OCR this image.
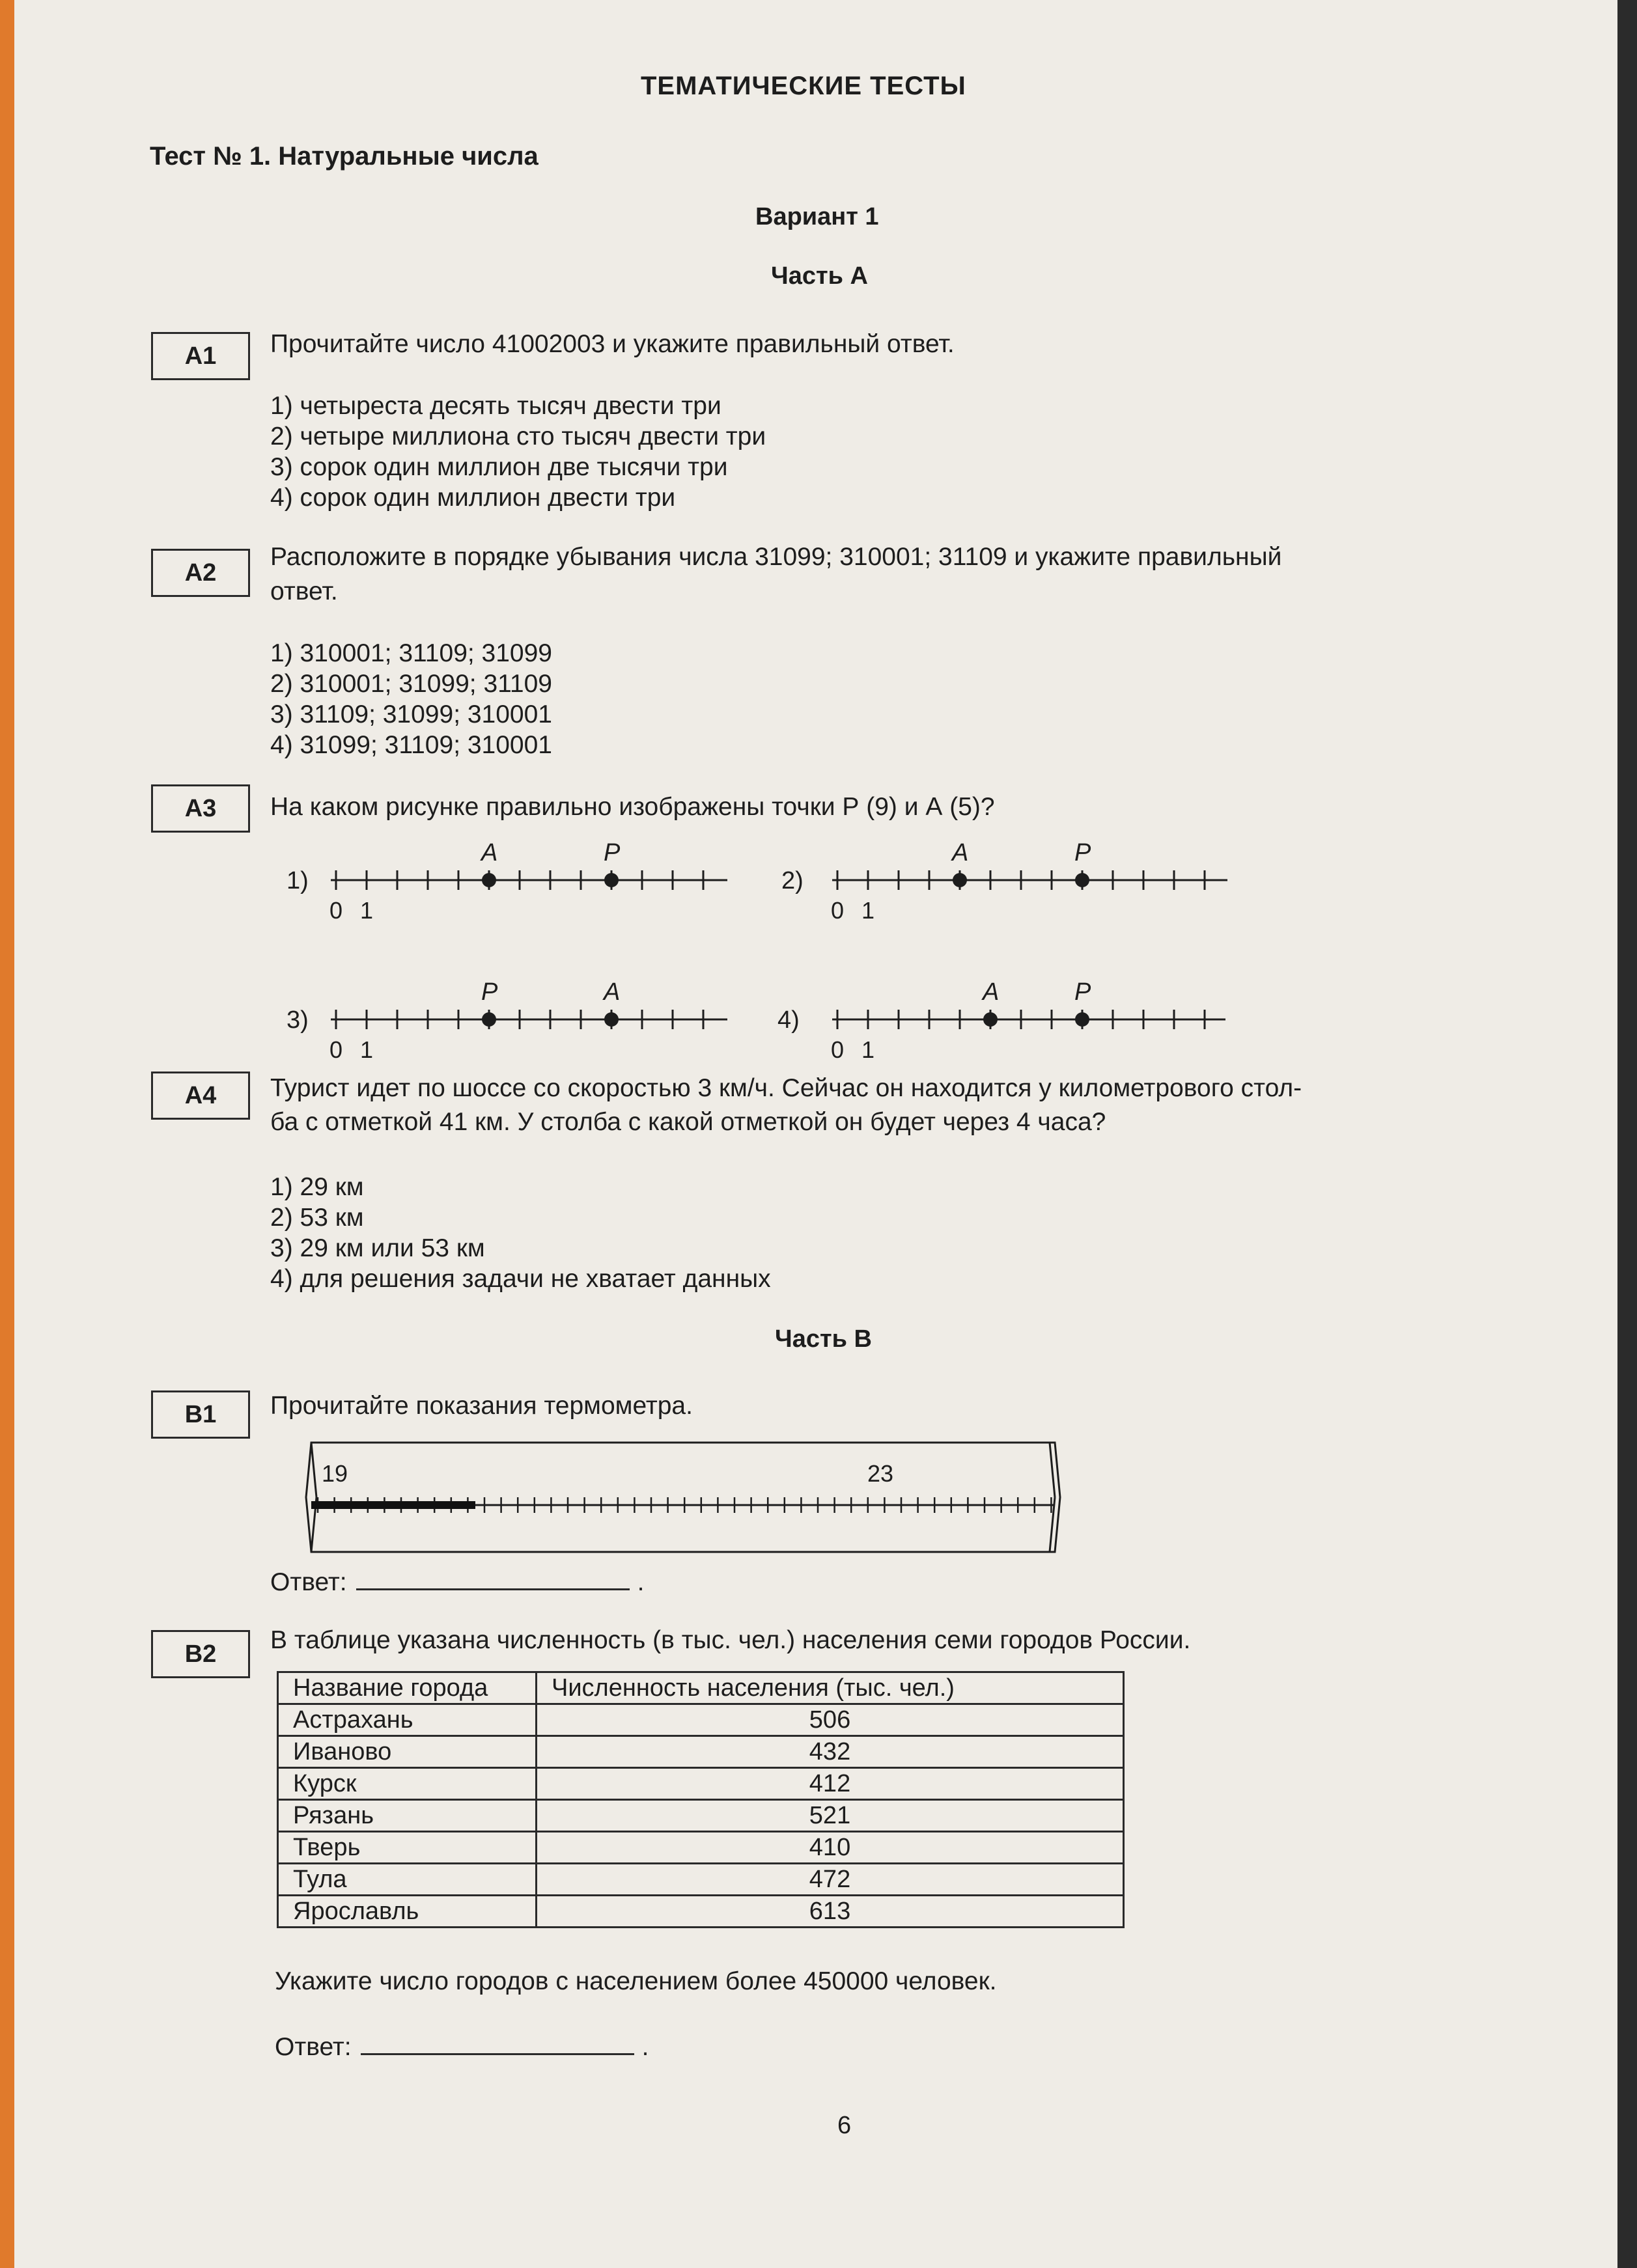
ТЕМАТИЧЕСКИЕ ТЕСТЫ
Тест № 1. Натуральные числа
Вариант 1
Часть А
А1	Прочитайте число 41002003 и укажите правильный ответ.
1) четыреста десять тысяч двести три
2) четыре миллиона сто тысяч двести три
3) сорок один миллион две тысячи три
4) сорок один миллион двести три
А2
Расположите в порядке убывания числа 31099; 310001; 31109 и укажите правильный
ответ.
1) 310001; 31109; 31099
2) 310001; 31099; 31109
3) 31109; 31099; 310001
4) 31099; 31109; 310001
А3	На каком рисунке правильно изображены точки Р (9) и А (5)?
1)
0 1
А	Р
2)
0 1
А	Р
3)
0 1
Р	А
4)
0 1
А	Р
А4	Турист идет по шоссе со скоростью 3 км/ч. Сейчас он находится у километрового стол-
ба с отметкой 41 км. У столба с какой отметкой он будет через 4 часа?
1) 29 км
2) 53 км
3) 29 км или 53 км
4) для решения задачи не хватает данных
Часть В
В1	Прочитайте показания термометра.
19	23
Ответ:	.
В2	В таблице указана численность (в тыс. чел.) населения семи городов России.
Название города	Численность населения (тыс. чел.)
Астрахань	506
Иваново	432
Курск	412
Рязань	521
Тверь	410
Тула	472
Ярославль	613
Укажите число городов с населением более 450000 человек.
Ответ:	.
6
